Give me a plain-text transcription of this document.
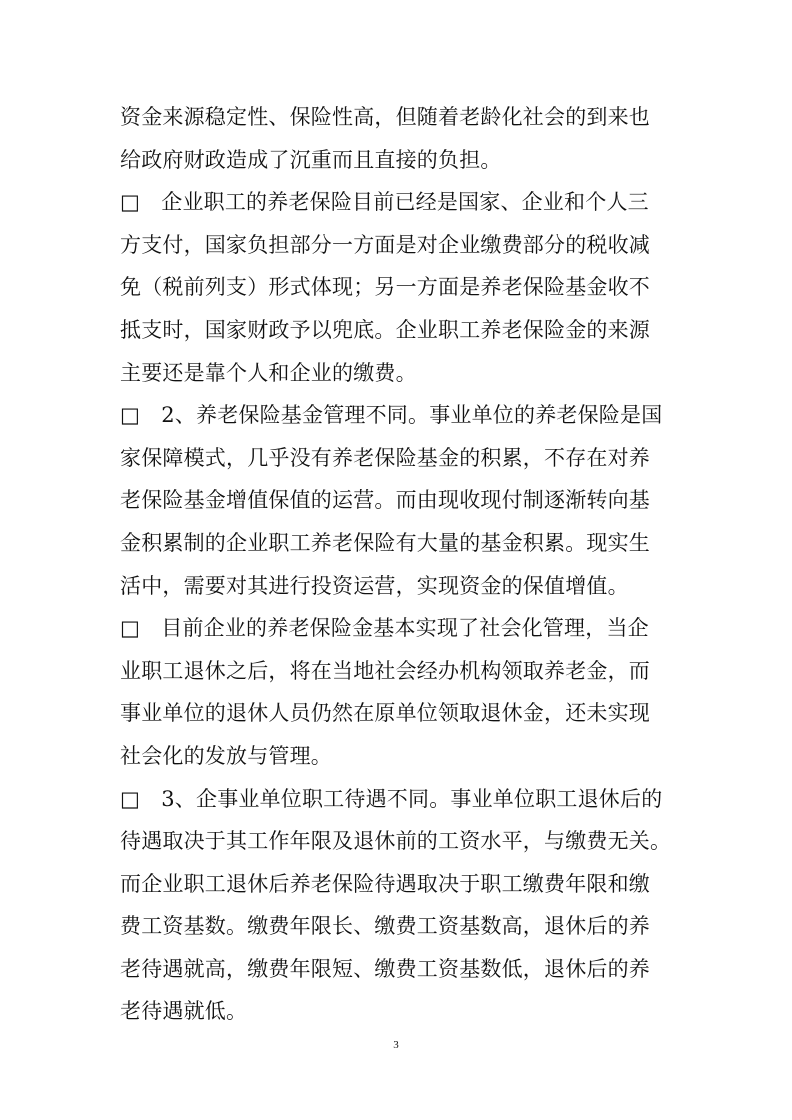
资金来源稳定性、保险性高，但随着老龄化社会的到来也
给政府财政造成了沉重而且直接的负担。
□　企业职工的养老保险目前已经是国家、企业和个人三
方支付，国家负担部分一方面是对企业缴费部分的税收减
免（税前列支）形式体现；另一方面是养老保险基金收不
抵支时，国家财政予以兜底。企业职工养老保险金的来源
主要还是靠个人和企业的缴费。
□　2、养老保险基金管理不同。事业单位的养老保险是国
家保障模式，几乎没有养老保险基金的积累，不存在对养
老保险基金增值保值的运营。而由现收现付制逐渐转向基
金积累制的企业职工养老保险有大量的基金积累。现实生
活中，需要对其进行投资运营，实现资金的保值增值。
□　目前企业的养老保险金基本实现了社会化管理，当企
业职工退休之后，将在当地社会经办机构领取养老金，而
事业单位的退休人员仍然在原单位领取退休金，还未实现
社会化的发放与管理。
□　3、企事业单位职工待遇不同。事业单位职工退休后的
待遇取决于其工作年限及退休前的工资水平，与缴费无关。
而企业职工退休后养老保险待遇取决于职工缴费年限和缴
费工资基数。缴费年限长、缴费工资基数高，退休后的养
老待遇就高，缴费年限短、缴费工资基数低，退休后的养
老待遇就低。
3
